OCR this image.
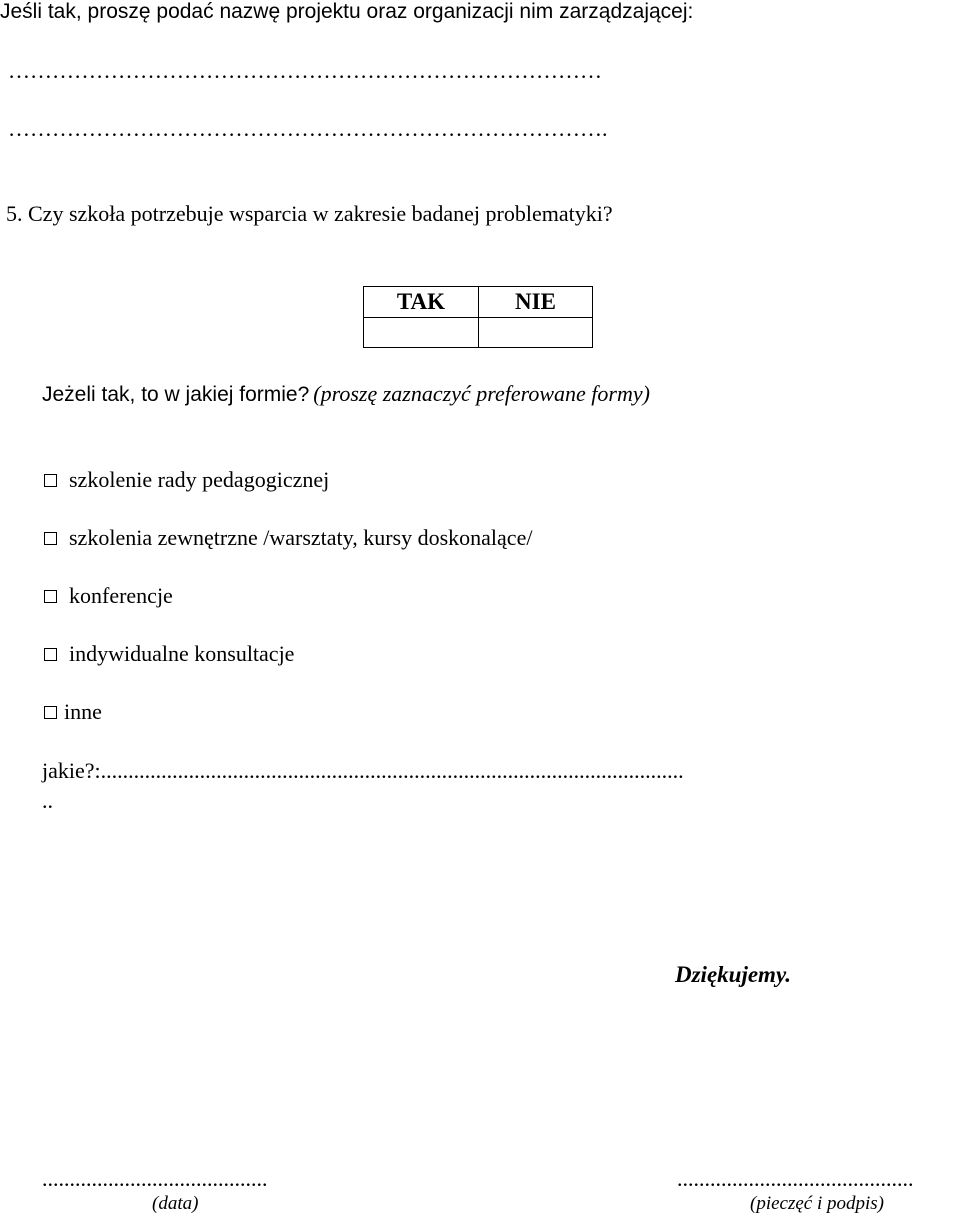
Jeśli tak, proszę podać nazwę projektu oraz organizacji nim zarządzającej:
………………………………………………………………………
……………………………………………………………………….
5. Czy szkoła potrzebuje wsparcia w zakresie badanej problematyki?
TAK	NIE

Jeżeli tak, to w jakiej formie? (proszę zaznaczyć preferowane formy)
szkolenie rady pedagogicznej
szkolenia zewnętrzne /warsztaty, kursy doskonalące/
konferencje
indywidualne konsultacje
inne
jakie?:..........................................................................................................
..
Dziękujemy.
.........................................
(data)
...........................................
(pieczęć i podpis)
